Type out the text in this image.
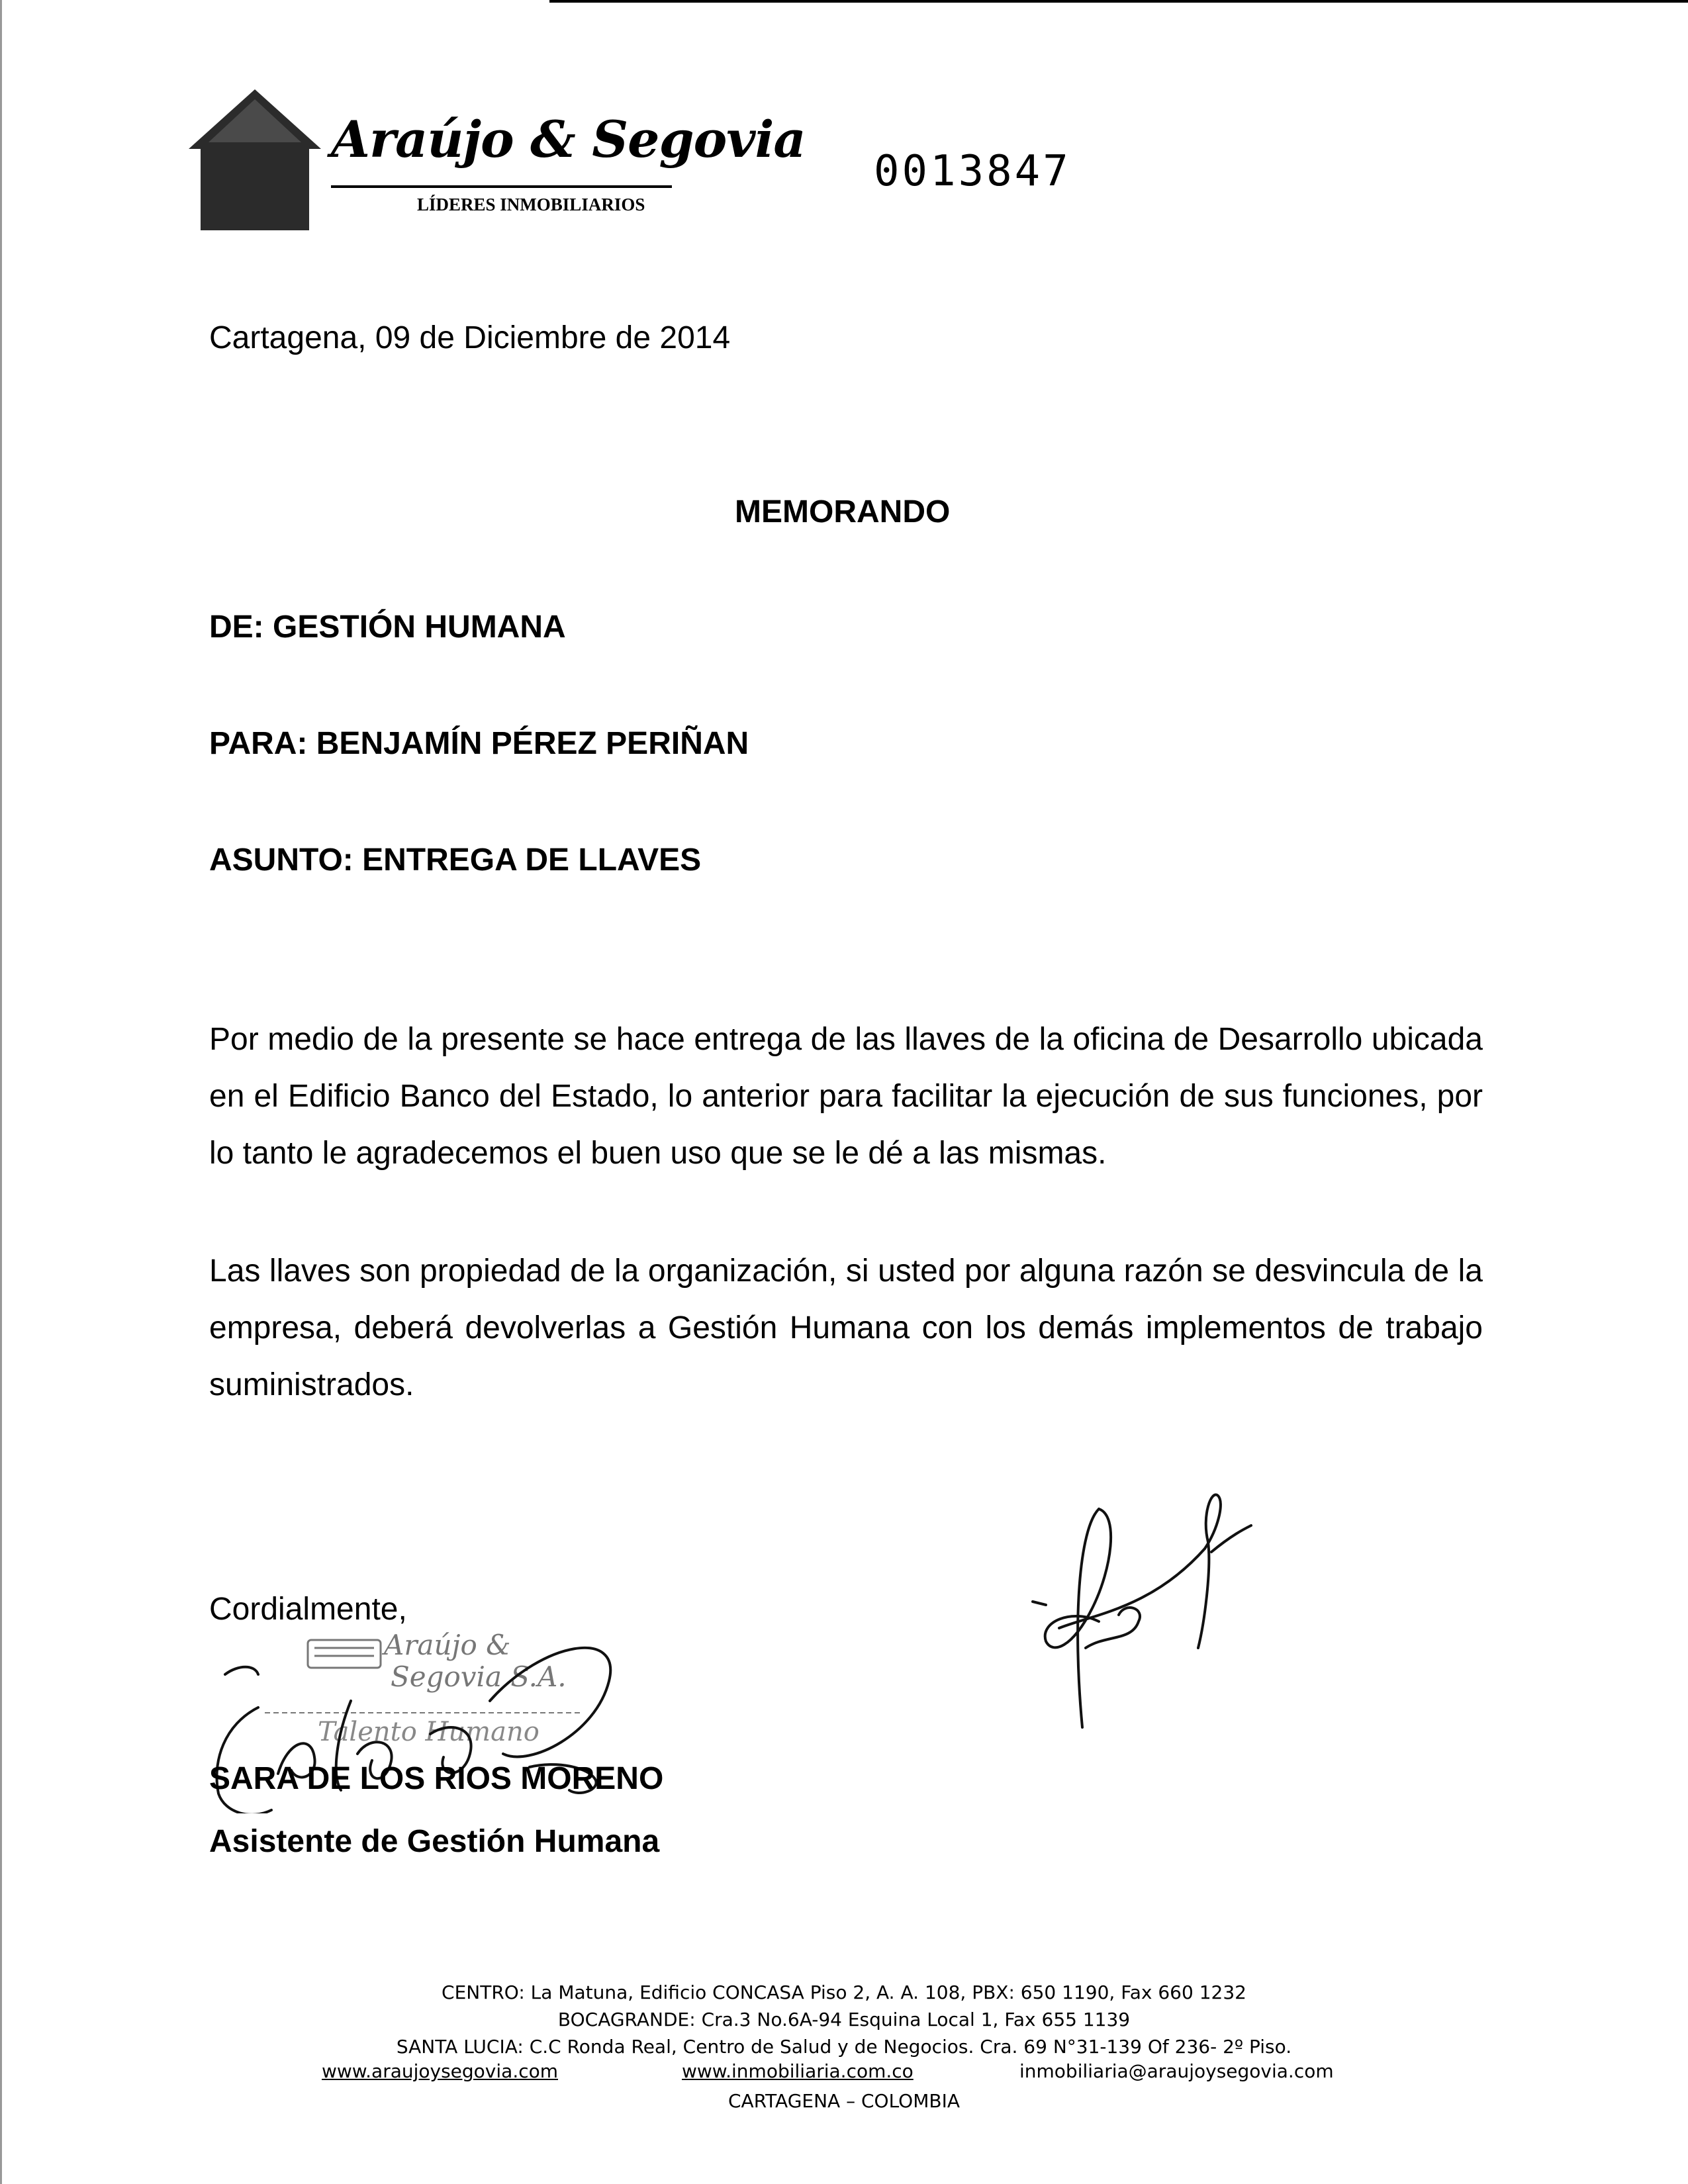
Araújo & Segovia
LÍDERES INMOBILIARIOS
0013847
Cartagena, 09 de Diciembre de 2014
MEMORANDO
DE: GESTIÓN HUMANA
PARA: BENJAMÍN PÉREZ PERIÑAN
ASUNTO: ENTREGA DE LLAVES
Por medio de la presente se hace entrega de las llaves de la oficina de Desarrollo ubicada en el Edificio Banco del Estado, lo anterior para facilitar la ejecución de sus funciones, por lo tanto le agradecemos el buen uso que se le dé a las mismas.
Las llaves son propiedad de la organización, si usted por alguna razón se desvincula de la empresa, deberá devolverlas a Gestión Humana con los demás implementos de trabajo suministrados.
Cordialmente,
Araújo &
Segovia S.A.
Talento Humano
SARA DE LOS RIOS MORENO
Asistente de Gestión Humana
CENTRO: La Matuna, Edificio CONCASA Piso 2, A. A. 108, PBX: 650 1190, Fax 660 1232
BOCAGRANDE: Cra.3 No.6A-94 Esquina Local 1, Fax 655 1139
SANTA LUCIA: C.C Ronda Real, Centro de Salud y de Negocios. Cra. 69 N°31-139 Of 236- 2º Piso.
www.araujoysegovia.com	www.inmobiliaria.com.co	inmobiliaria@araujoysegovia.com
CARTAGENA – COLOMBIA
